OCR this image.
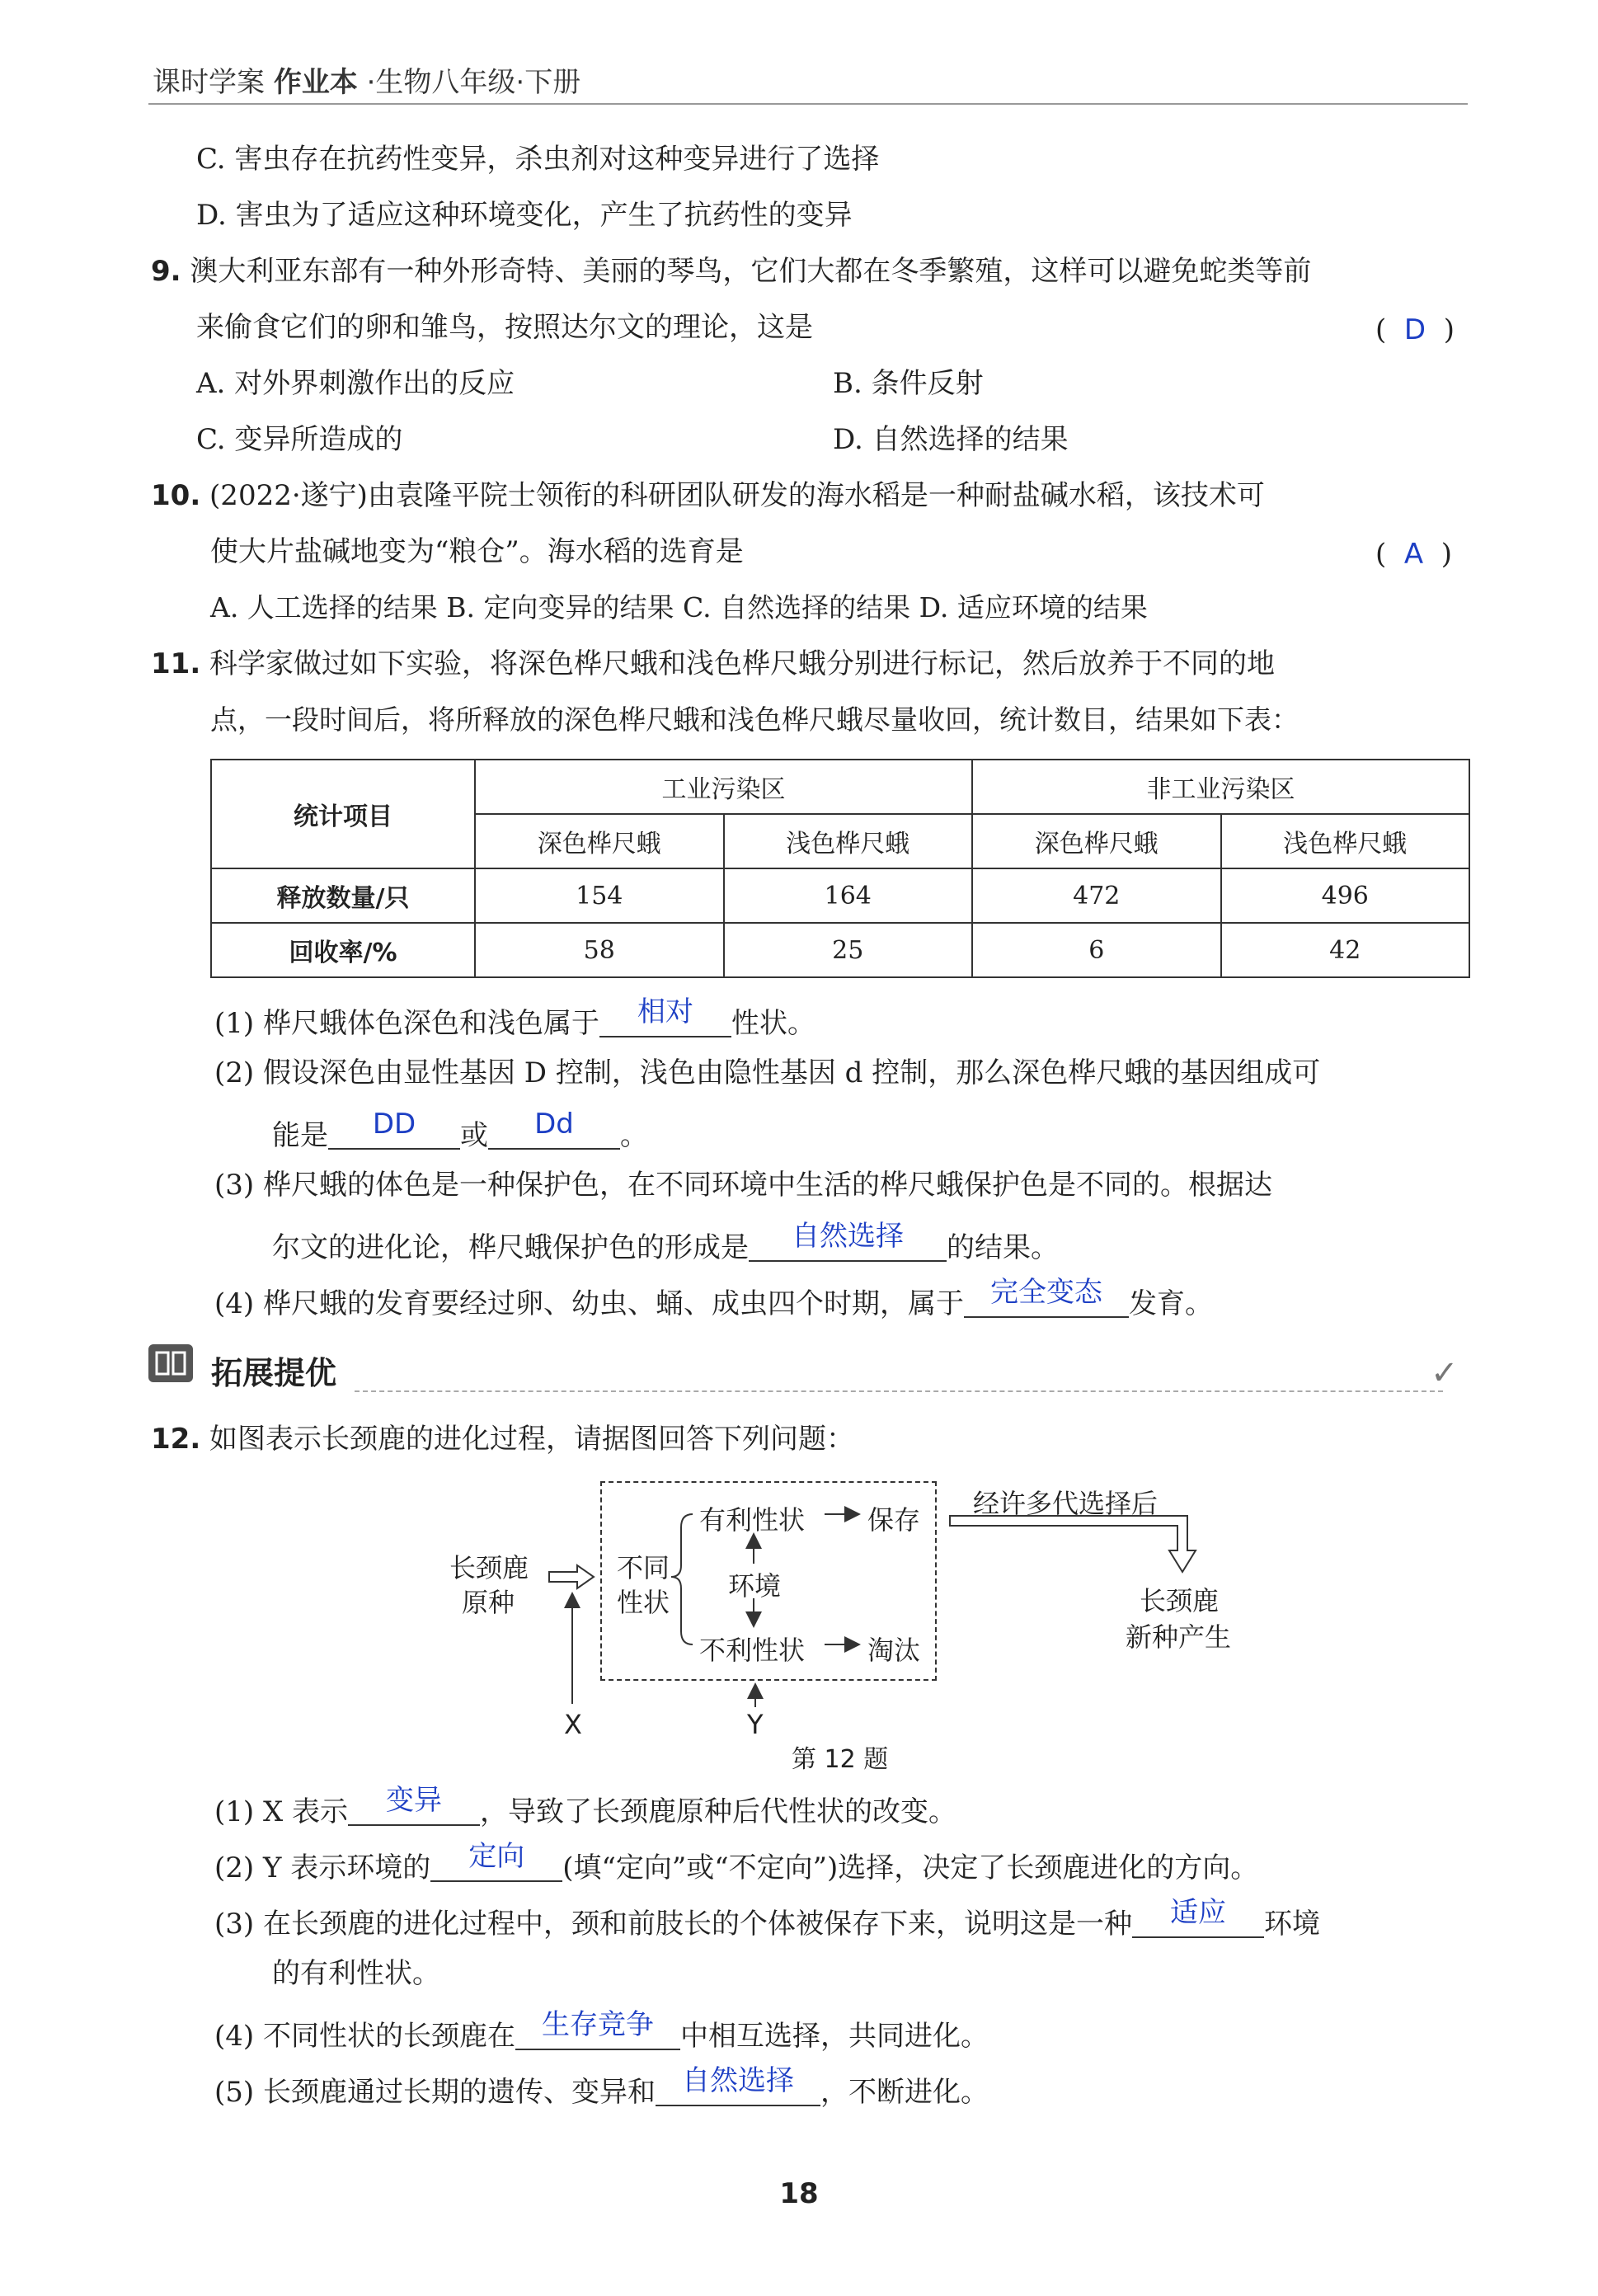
课时学案 作业本 ·生物八年级·下册
C. 害虫存在抗药性变异，杀虫剂对这种变异进行了选择
D. 害虫为了适应这种环境变化，产生了抗药性的变异
9. 澳大利亚东部有一种外形奇特、美丽的琴鸟，它们大都在冬季繁殖，这样可以避免蛇类等前
来偷食它们的卵和雏鸟，按照达尔文的理论，这是	(  D  )
A. 对外界刺激作出的反应	B. 条件反射
C. 变异所造成的	D. 自然选择的结果
10. (2022·遂宁)由袁隆平院士领衔的科研团队研发的海水稻是一种耐盐碱水稻，该技术可
使大片盐碱地变为“粮仓”。海水稻的选育是	(  A  )
A. 人工选择的结果 B. 定向变异的结果 C. 自然选择的结果 D. 适应环境的结果
11. 科学家做过如下实验，将深色桦尺蛾和浅色桦尺蛾分别进行标记，然后放养于不同的地
点，一段时间后，将所释放的深色桦尺蛾和浅色桦尺蛾尽量收回，统计数目，结果如下表：
统计项目	工业污染区		非工业污染区	
	深色桦尺蛾	浅色桦尺蛾	深色桦尺蛾	浅色桦尺蛾
释放数量/只	154	164	472	496
回收率/%	58	25	6	42
(1) 桦尺蛾体色深色和浅色属于 相对 性状。
(2) 假设深色由显性基因 D 控制，浅色由隐性基因 d 控制，那么深色桦尺蛾的基因组成可
能是 DD 或 Dd 。
(3) 桦尺蛾的体色是一种保护色，在不同环境中生活的桦尺蛾保护色是不同的。根据达
尔文的进化论，桦尺蛾保护色的形成是 自然选择 的结果。
(4) 桦尺蛾的发育要经过卵、幼虫、蛹、成虫四个时期，属于 完全变态 发育。
拓展提优	✓
12. 如图表示长颈鹿的进化过程，请据图回答下列问题：
长颈鹿
原种
不同
性状
有利性状 保存
环境
不利性状 淘汰
经许多代选择后
长颈鹿
新种产生
X	Y
第 12 题
(1) X 表示 变异 ，导致了长颈鹿原种后代性状的改变。
(2) Y 表示环境的 定向 (填“定向”或“不定向”)选择，决定了长颈鹿进化的方向。
(3) 在长颈鹿的进化过程中，颈和前肢长的个体被保存下来，说明这是一种 适应 环境
的有利性状。
(4) 不同性状的长颈鹿在 生存竞争 中相互选择，共同进化。
(5) 长颈鹿通过长期的遗传、变异和 自然选择 ，不断进化。
18
